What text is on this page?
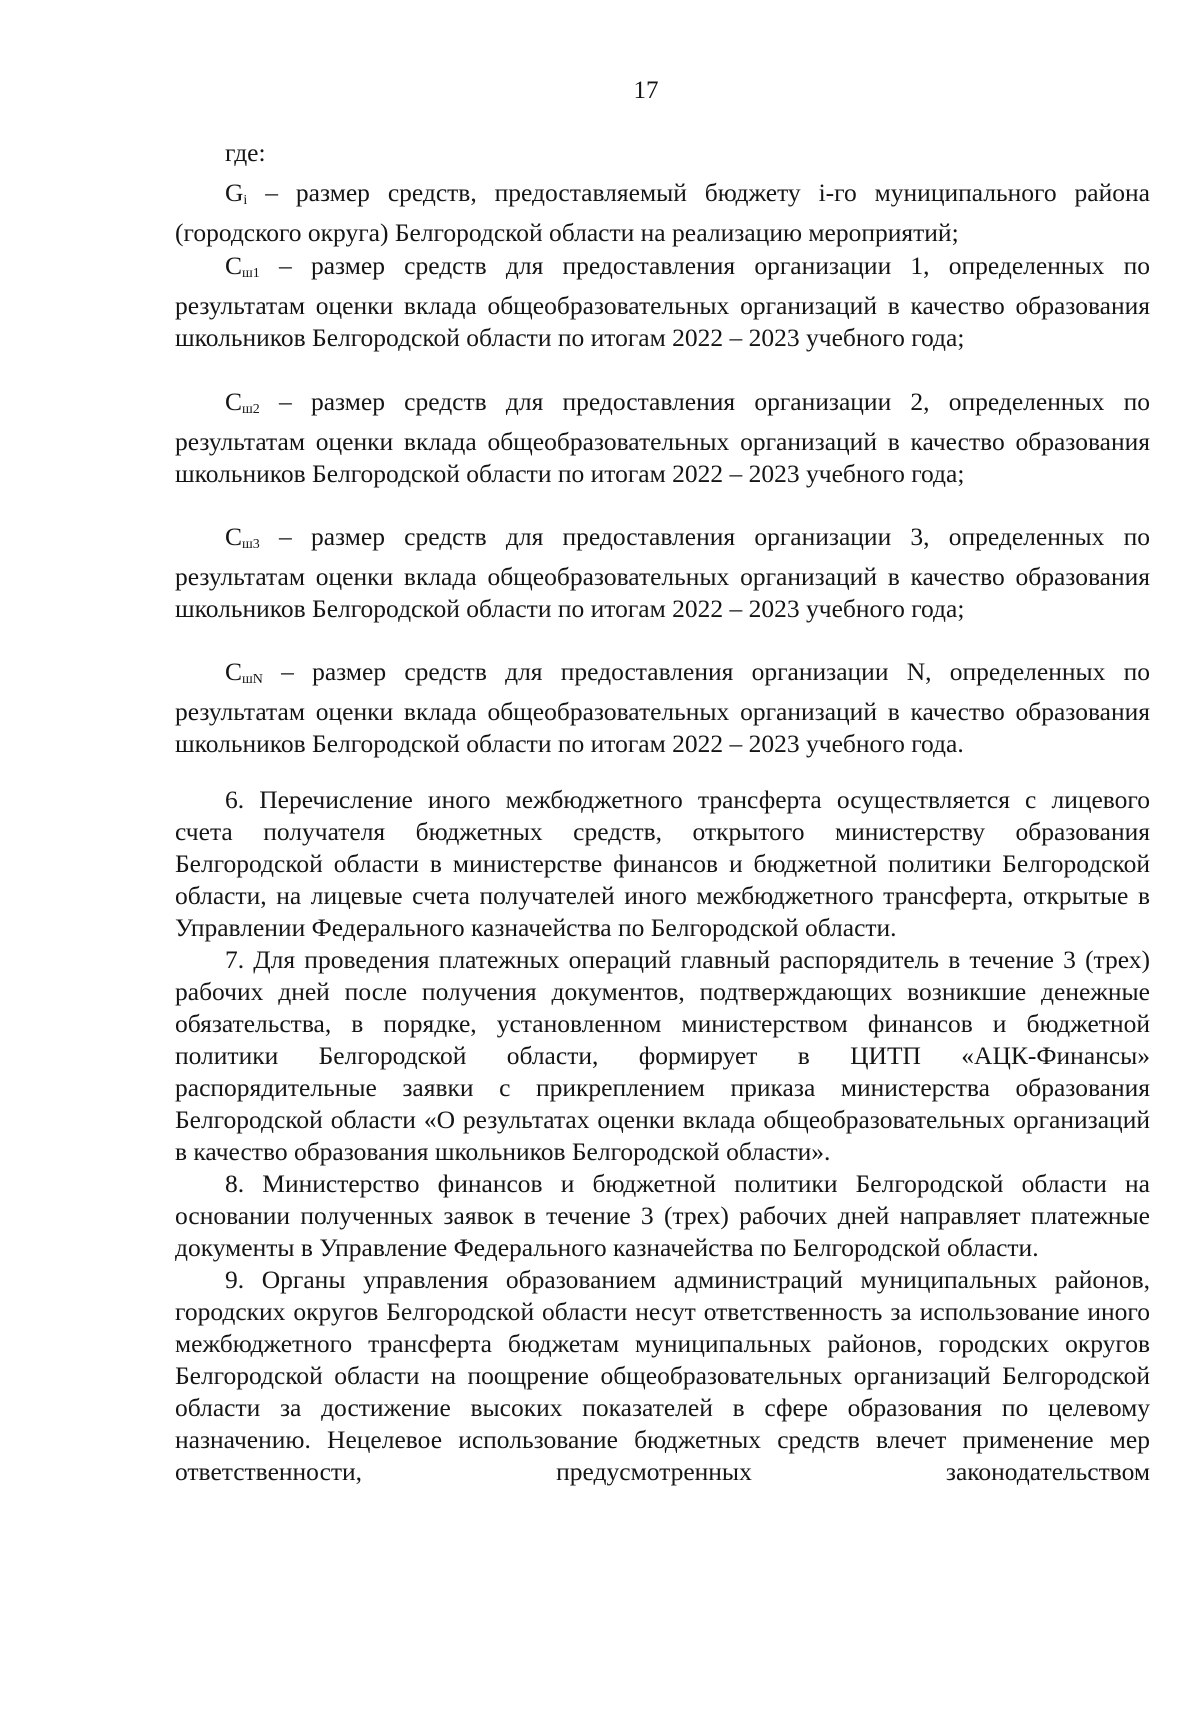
17
где:

$G_i$ – размер средств, предоставляемый бюджету i-го муниципального района (городского округа) Белгородской области на реализацию мероприятий;

$C_{ш1}$ – размер средств для предоставления организации 1, определенных по результатам оценки вклада общеобразовательных организаций в качество образования школьников Белгородской области по итогам 2022 – 2023 учебного года;

$C_{ш2}$ – размер средств для предоставления организации 2, определенных по результатам оценки вклада общеобразовательных организаций в качество образования школьников Белгородской области по итогам 2022 – 2023 учебного года;

$C_{ш3}$ – размер средств для предоставления организации 3, определенных по результатам оценки вклада общеобразовательных организаций в качество образования школьников Белгородской области по итогам 2022 – 2023 учебного года;

$C_{шN}$ – размер средств для предоставления организации N, определенных по результатам оценки вклада общеобразовательных организаций в качество образования школьников Белгородской области по итогам 2022 – 2023 учебного года.

6. Перечисление иного межбюджетного трансферта осуществляется с лицевого счета получателя бюджетных средств, открытого министерству образования Белгородской области в министерстве финансов и бюджетной политики Белгородской области, на лицевые счета получателей иного межбюджетного трансферта, открытые в Управлении Федерального казначейства по Белгородской области.

7. Для проведения платежных операций главный распорядитель в течение 3 (трех) рабочих дней после получения документов, подтверждающих возникшие денежные обязательства, в порядке, установленном министерством финансов и бюджетной политики Белгородской области, формирует в ЦИТП «АЦК-Финансы» распорядительные заявки с прикреплением приказа министерства образования Белгородской области «О результатах оценки вклада общеобразовательных организаций в качество образования школьников Белгородской области».

8. Министерство финансов и бюджетной политики Белгородской области на основании полученных заявок в течение 3 (трех) рабочих дней направляет платежные документы в Управление Федерального казначейства по Белгородской области.

9. Органы управления образованием администраций муниципальных районов, городских округов Белгородской области несут ответственность за использование иного межбюджетного трансферта бюджетам муниципальных районов, городских округов Белгородской области на поощрение общеобразовательных организаций Белгородской области за достижение высоких показателей в сфере образования по целевому назначению. Нецелевое использование бюджетных средств влечет применение мер ответственности, предусмотренных законодательством
